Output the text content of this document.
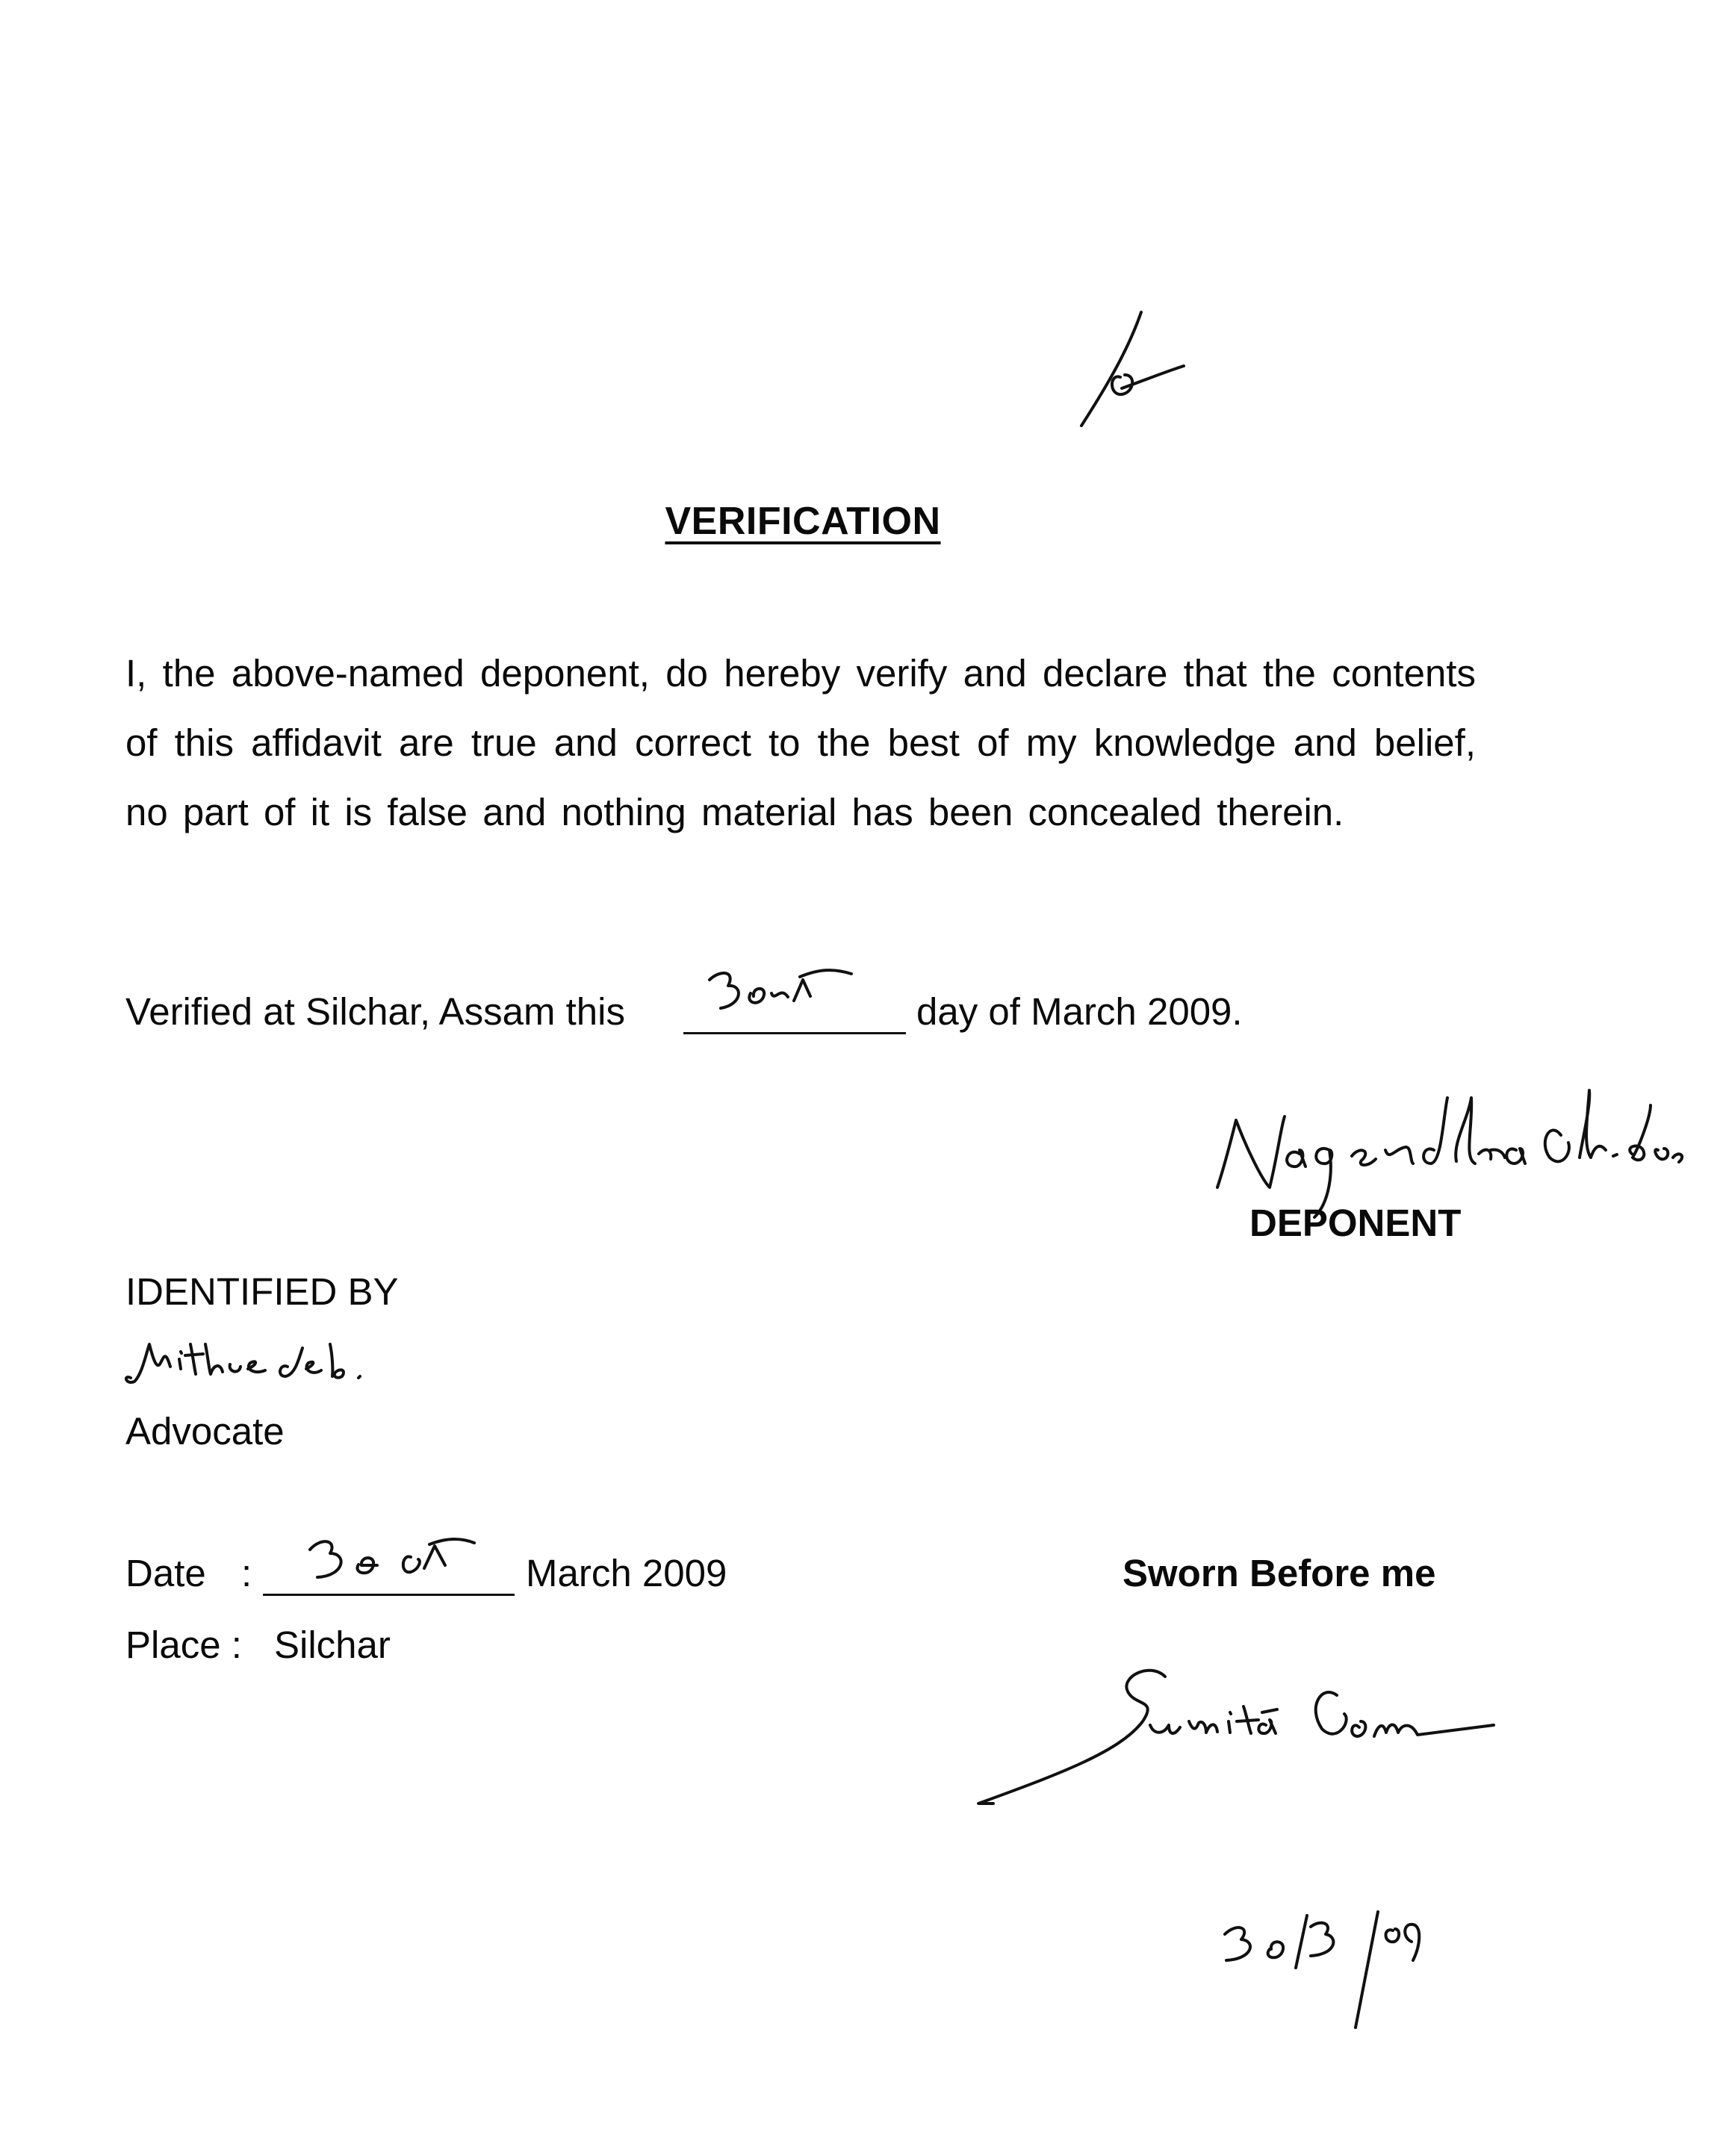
VERIFICATION
I, the above-named deponent, do hereby verify and declare that the contents of this affidavit are true and correct to the best of my knowledge and belief, no part of it is false and nothing material has been concealed therein.
Verified at Silchar, Assam this	day of March 2009.
DEPONENT
IDENTIFIED BY
Advocate
Date :	March 2009
Place : Silchar
Sworn Before me
